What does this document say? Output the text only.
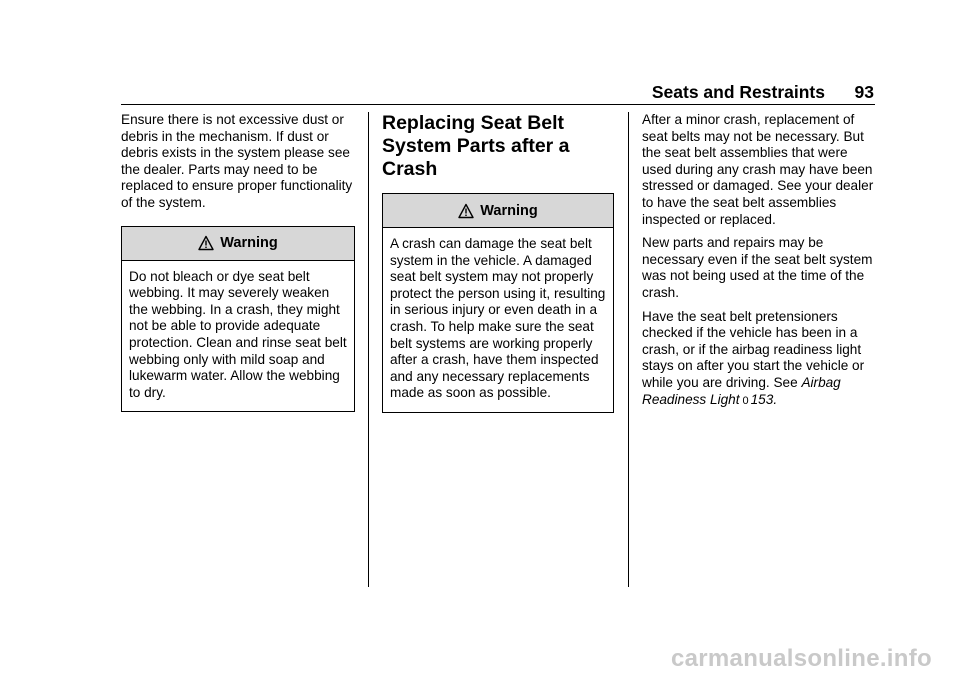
Seats and Restraints 93

Ensure there is not excessive dust or debris in the mechanism. If dust or debris exists in the system please see the dealer. Parts may need to be replaced to ensure proper functionality of the system.

Warning
Do not bleach or dye seat belt webbing. It may severely weaken the webbing. In a crash, they might not be able to provide adequate protection. Clean and rinse seat belt webbing only with mild soap and lukewarm water. Allow the webbing to dry.
Replacing Seat Belt System Parts after a Crash
Warning
A crash can damage the seat belt system in the vehicle. A damaged seat belt system may not properly protect the person using it, resulting in serious injury or even death in a crash. To help make sure the seat belt systems are working properly after a crash, have them inspected and any necessary replacements made as soon as possible.

After a minor crash, replacement of seat belts may not be necessary. But the seat belt assemblies that were used during any crash may have been stressed or damaged. See your dealer to have the seat belt assemblies inspected or replaced.

New parts and repairs may be necessary even if the seat belt system was not being used at the time of the crash.

Have the seat belt pretensioners checked if the vehicle has been in a crash, or if the airbag readiness light stays on after you start the vehicle or while you are driving. See Airbag Readiness Light 0 153.

carmanualsonline.info
